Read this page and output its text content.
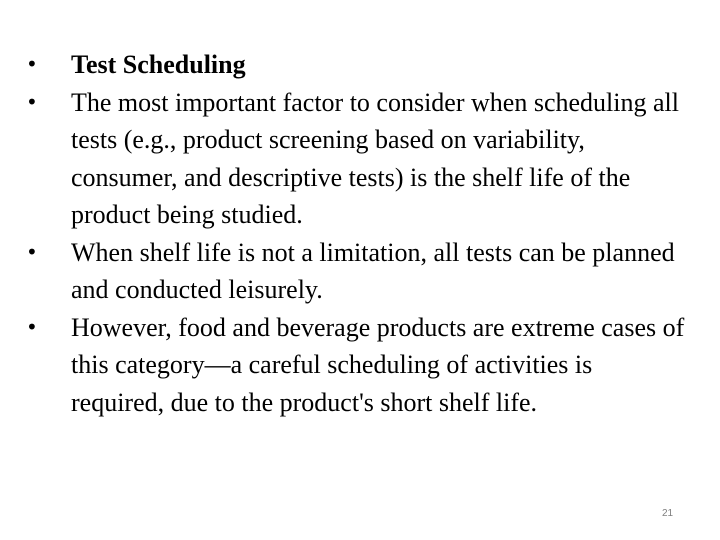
•	Test Scheduling
•	The most important factor to consider when scheduling all tests (e.g., product screening based on variability, consumer, and descriptive tests) is the shelf life of the product being studied.
•	When shelf life is not a limitation, all tests can be planned and conducted leisurely.
•	However, food and beverage products are extreme cases of this category—a careful scheduling of activities is required, due to the product's short shelf life.
21
